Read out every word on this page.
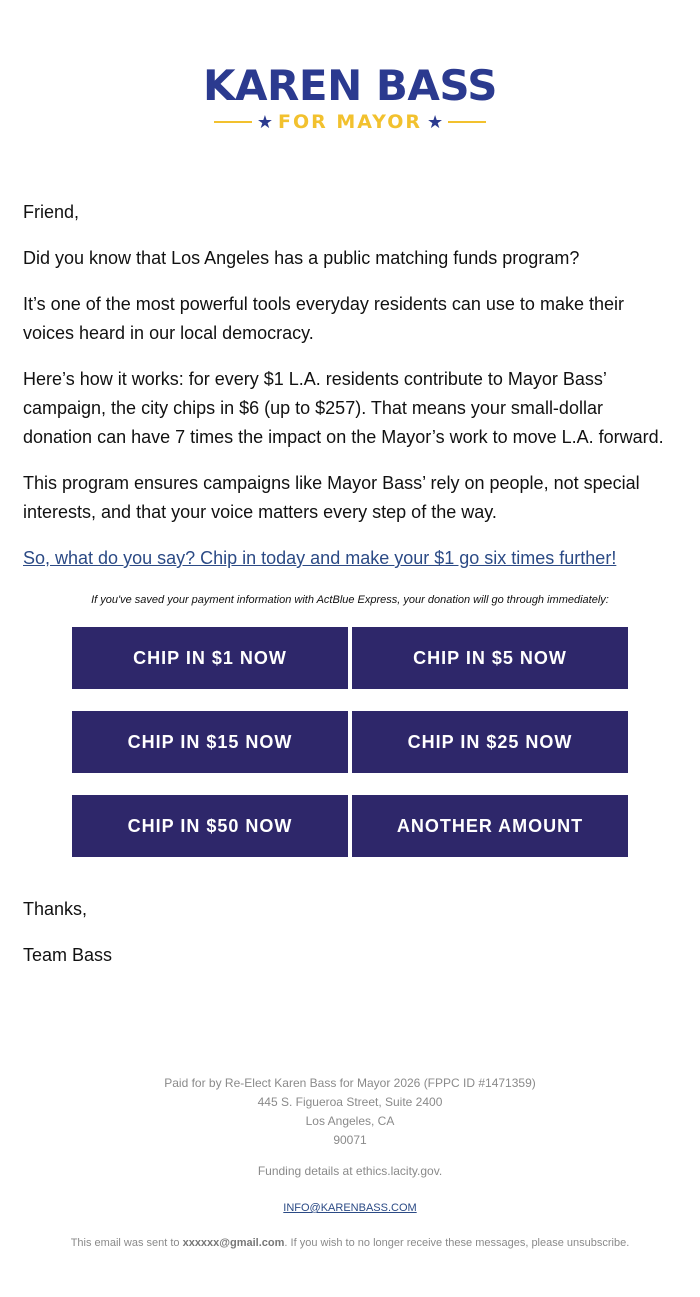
KAREN BASS
★ FOR MAYOR ★

Friend,

Did you know that Los Angeles has a public matching funds program?

It’s one of the most powerful tools everyday residents can use to make their voices heard in our local democracy.

Here’s how it works: for every $1 L.A. residents contribute to Mayor Bass’ campaign, the city chips in $6 (up to $257). That means your small-dollar donation can have 7 times the impact on the Mayor’s work to move L.A. forward.

This program ensures campaigns like Mayor Bass’ rely on people, not special interests, and that your voice matters every step of the way.

So, what do you say? Chip in today and make your $1 go six times further!

If you've saved your payment information with ActBlue Express, your donation will go through immediately:
CHIP IN $1 NOW	CHIP IN $5 NOW
CHIP IN $15 NOW	CHIP IN $25 NOW
CHIP IN $50 NOW	ANOTHER AMOUNT

Thanks,

Team Bass

Paid for by Re-Elect Karen Bass for Mayor 2026 (FPPC ID #1471359)
445 S. Figueroa Street, Suite 2400
Los Angeles, CA
90071
Funding details at ethics.lacity.gov.
INFO@KARENBASS.COM
This email was sent to xxxxxx@gmail.com. If you wish to no longer receive these messages, please unsubscribe.
